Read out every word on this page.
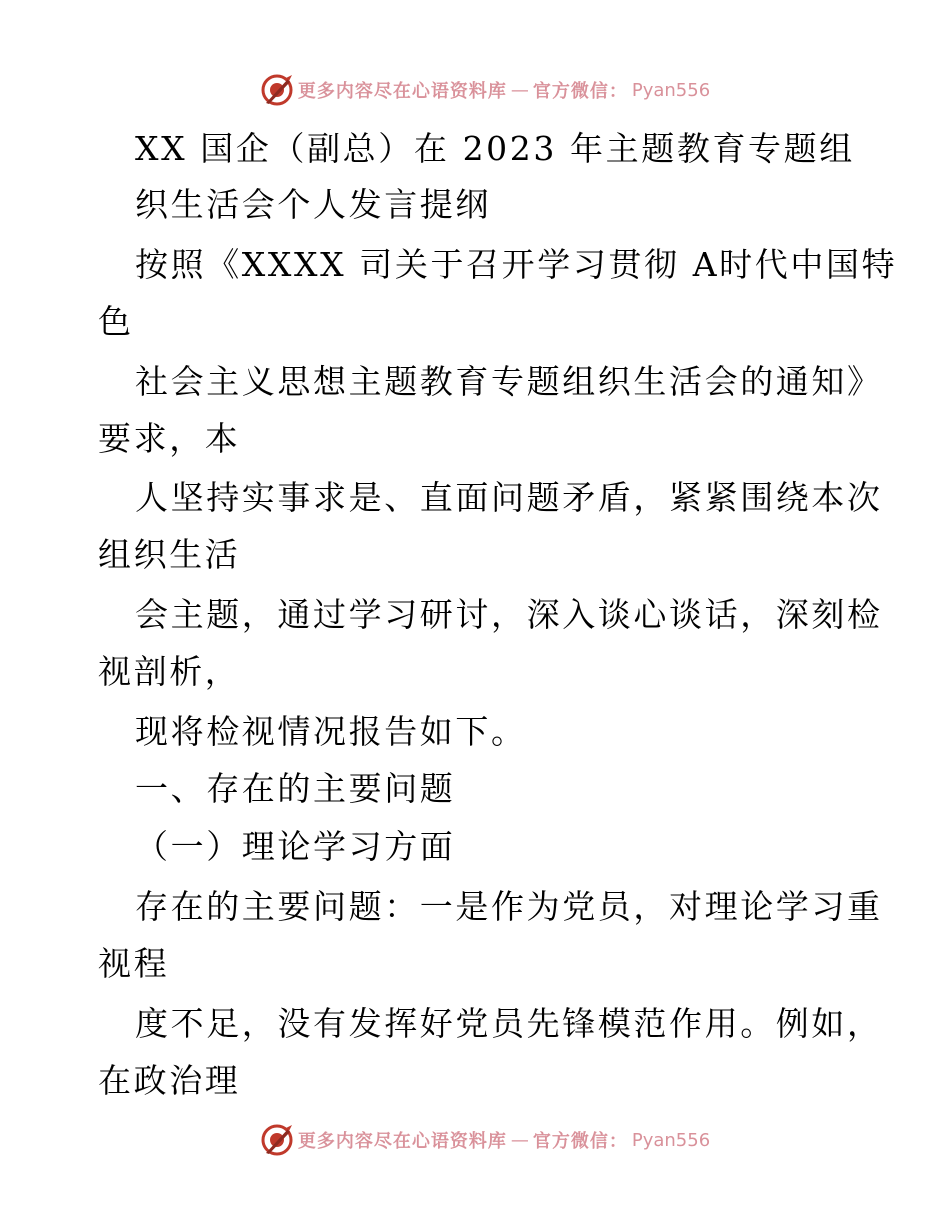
更多内容尽在心语资料库 — 官方微信： Pyan556
XX 国企（副总）在 2023 年主题教育专题组
织生活会个人发言提纲
按照《XXXX 司关于召开学习贯彻 A时代中国特
色
社会主义思想主题教育专题组织生活会的通知》
要求，本
人坚持实事求是、直面问题矛盾，紧紧围绕本次
组织生活
会主题，通过学习研讨，深入谈心谈话，深刻检
视剖析，
现将检视情况报告如下。
一、存在的主要问题
（一）理论学习方面
存在的主要问题：一是作为党员，对理论学习重
视程
度不足，没有发挥好党员先锋模范作用。例如，
在政治理
更多内容尽在心语资料库 — 官方微信： Pyan556
